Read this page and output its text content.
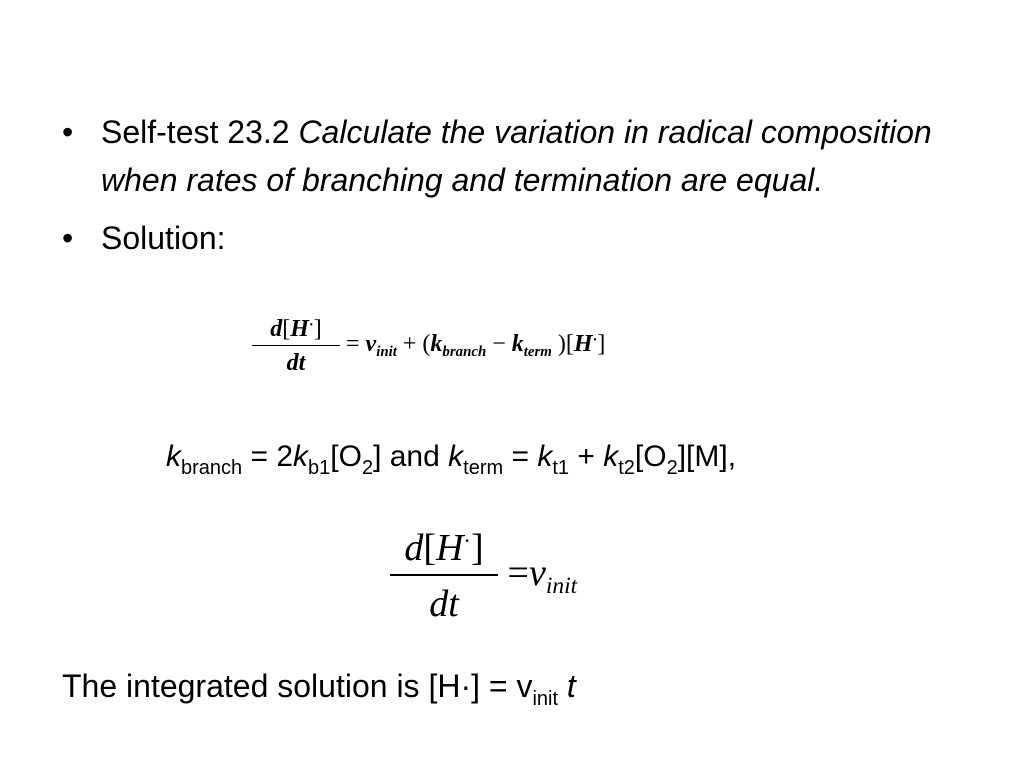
• Self-test 23.2 Calculate the variation in radical composition when rates of branching and termination are equal.
• Solution:
$\frac{d[H^\cdot]}{dt} = v_{init} + (k_{branch} - k_{term}$ )[H·]
$k_{branch} = 2k_{b1}[O_2]$ and $k_{term} = k_{t1} + k_{t2}[O_2][M]$,
$\frac{d[H^\cdot]}{dt} =v_{init}$
The integrated solution is $[H\cdot] = v_{init}$ t
